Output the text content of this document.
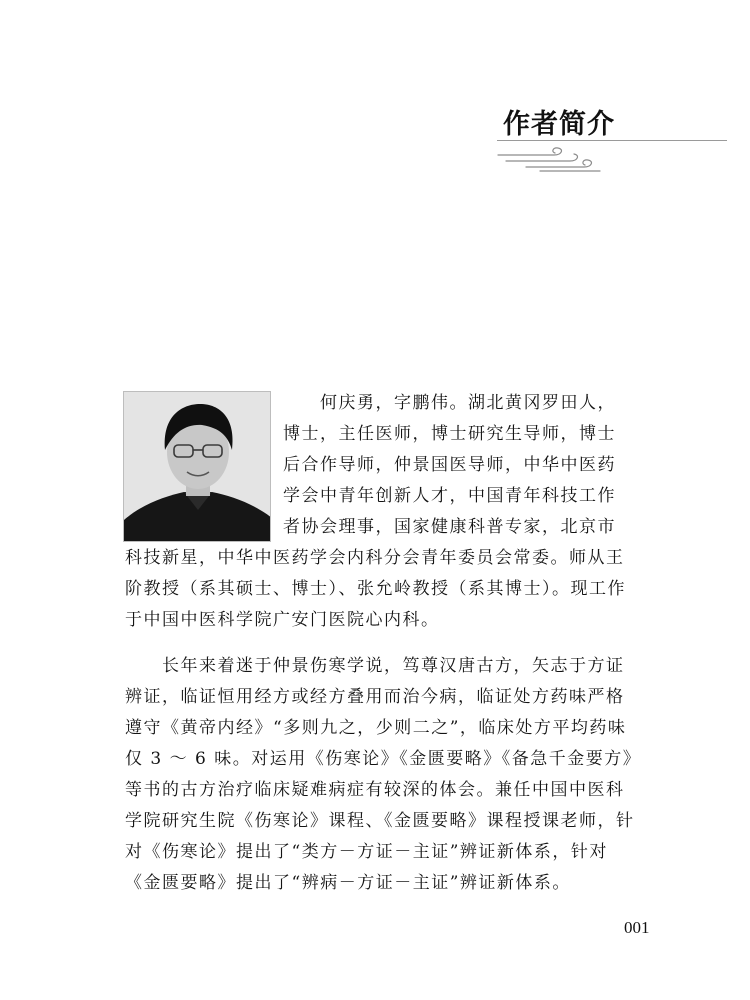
作者简介

　　何庆勇，字鹏伟。湖北黄冈罗田人，
博士，主任医师，博士研究生导师，博士
后合作导师，仲景国医导师，中华中医药
学会中青年创新人才，中国青年科技工作
者协会理事，国家健康科普专家，北京市

科技新星，中华中医药学会内科分会青年委员会常委。师从王
阶教授（系其硕士、博士）、张允岭教授（系其博士）。现工作
于中国中医科学院广安门医院心内科。

　　长年来着迷于仲景伤寒学说，笃尊汉唐古方，矢志于方证
辨证，临证恒用经方或经方叠用而治今病，临证处方药味严格
遵守《黄帝内经》“多则九之，少则二之”，临床处方平均药味
仅 3 ～ 6 味。对运用《伤寒论》《金匮要略》《备急千金要方》
等书的古方治疗临床疑难病症有较深的体会。兼任中国中医科
学院研究生院《伤寒论》课程、《金匮要略》课程授课老师，针
对《伤寒论》提出了“类方－方证－主证”辨证新体系，针对
《金匮要略》提出了“辨病－方证－主证”辨证新体系。

001
